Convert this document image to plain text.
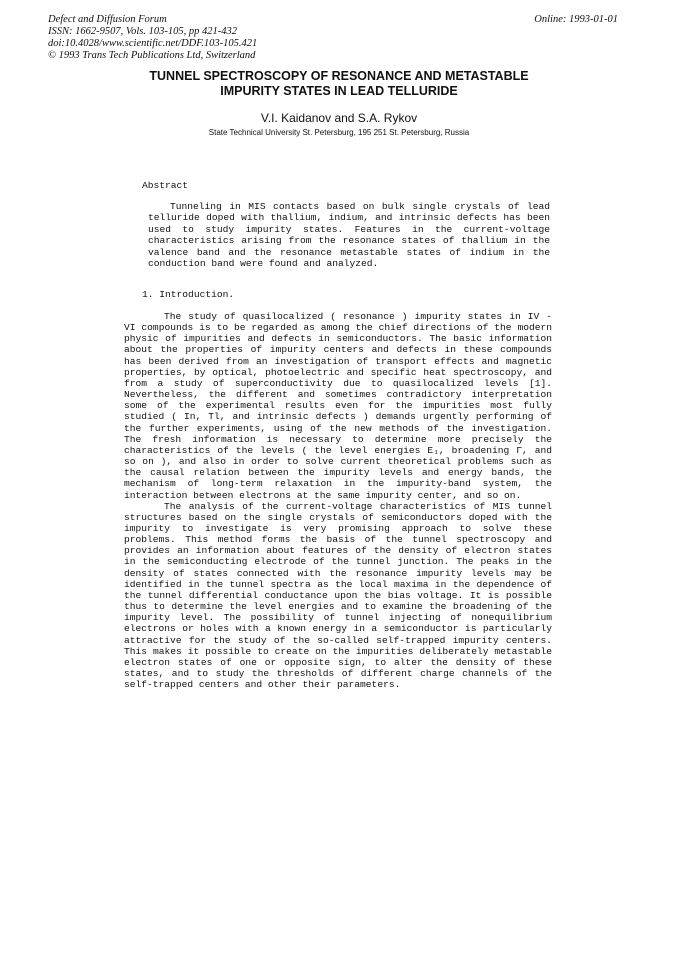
Defect and Diffusion Forum
ISSN: 1662-9507, Vols. 103-105, pp 421-432
doi:10.4028/www.scientific.net/DDF.103-105.421
© 1993 Trans Tech Publications Ltd, Switzerland
Online: 1993-01-01
TUNNEL SPECTROSCOPY OF RESONANCE AND METASTABLE
IMPURITY STATES IN LEAD TELLURIDE
V.I. Kaidanov and S.A. Rykov
State Technical University St. Petersburg, 195 251 St. Petersburg, Russia
Abstract

Tunneling in MIS contacts based on bulk single crystals of lead telluride doped with thallium, indium, and intrinsic defects has been used to study impurity states. Features in the current-voltage characteristics arising from the resonance states of thallium in the valence band and the resonance metastable states of indium in the conduction band were found and analyzed.

1. Introduction.

The study of quasilocalized ( resonance ) impurity states in IV - VI compounds is to be regarded as among the chief directions of the modern physic of impurities and defects in semiconductors. The basic information about the properties of impurity centers and defects in these compounds has been derived from an investigation of transport effects and magnetic properties, by optical, photoelectric and specific heat spectroscopy, and from a study of superconductivity due to quasilocalized levels [1]. Nevertheless, the different and sometimes contradictory interpretation some of the experimental results even for the impurities most fully studied ( In, Tl, and intrinsic defects ) demands urgently performing of the further experiments, using of the new methods of the investigation. The fresh information is necessary to determine more precisely the characteristics of the levels ( the level energies E₁, broadening Γ, and so on ), and also in order to solve current theoretical problems such as the causal relation between the impurity levels and energy bands, the mechanism of long-term relaxation in the impurity-band system, the interaction between electrons at the same impurity center, and so on.

The analysis of the current-voltage characteristics of MIS tunnel structures based on the single crystals of semiconductors doped with the impurity to investigate is very promising approach to solve these problems. This method forms the basis of the tunnel spectroscopy and provides an information about features of the density of electron states in the semiconducting electrode of the tunnel junction. The peaks in the density of states connected with the resonance impurity levels may be identified in the tunnel spectra as the local maxima in the dependence of the tunnel differential conductance upon the bias voltage. It is possible thus to determine the level energies and to examine the broadening of the impurity level. The possibility of tunnel injecting of nonequilibrium electrons or holes with a known energy in a semiconductor is particularly attractive for the study of the so-called self-trapped impurity centers. This makes it possible to create on the impurities deliberately metastable electron states of one or opposite sign, to alter the density of these states, and to study the thresholds of different charge channels of the self-trapped centers and other their parameters.
